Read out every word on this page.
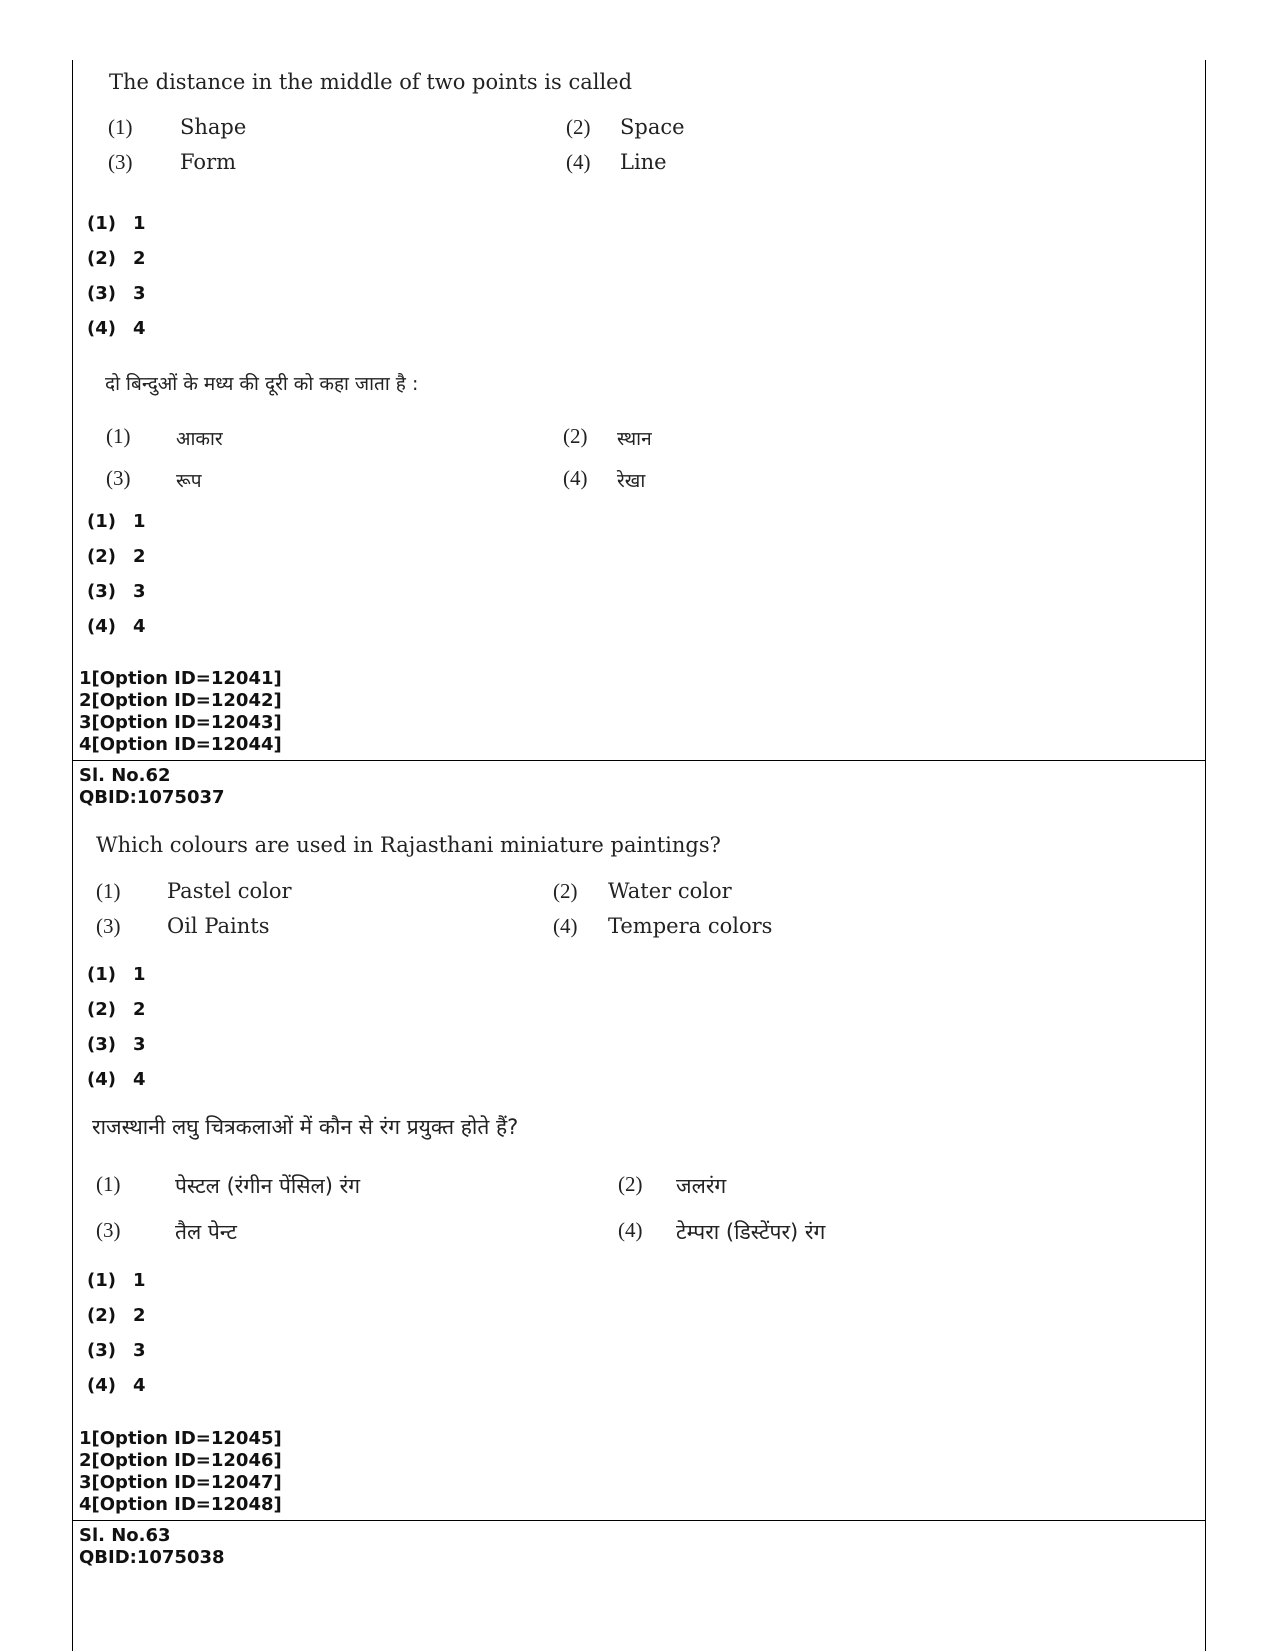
The distance in the middle of two points is called
(1) Shape	(2) Space
(3) Form	(4) Line
(1) 1
(2) 2
(3) 3
(4) 4
दो बिन्दुओं के मध्य की दूरी को कहा जाता है :
(1) आकार	(2) स्थान
(3) रूप	(4) रेखा
(1) 1
(2) 2
(3) 3
(4) 4
1[Option ID=12041]
2[Option ID=12042]
3[Option ID=12043]
4[Option ID=12044]
Sl. No.62
QBID:1075037
Which colours are used in Rajasthani miniature paintings?
(1) Pastel color	(2) Water color
(3) Oil Paints	(4) Tempera colors
(1) 1
(2) 2
(3) 3
(4) 4
राजस्थानी लघु चित्रकलाओं में कौन से रंग प्रयुक्त होते हैं?
(1)	पेस्टल (रंगीन पेंसिल) रंग	(2) जलरंग
(3)	तैल पेन्ट	(4) टेम्परा (डिस्टेंपर) रंग
(1) 1
(2) 2
(3) 3
(4) 4
1[Option ID=12045]
2[Option ID=12046]
3[Option ID=12047]
4[Option ID=12048]
Sl. No.63
QBID:1075038
